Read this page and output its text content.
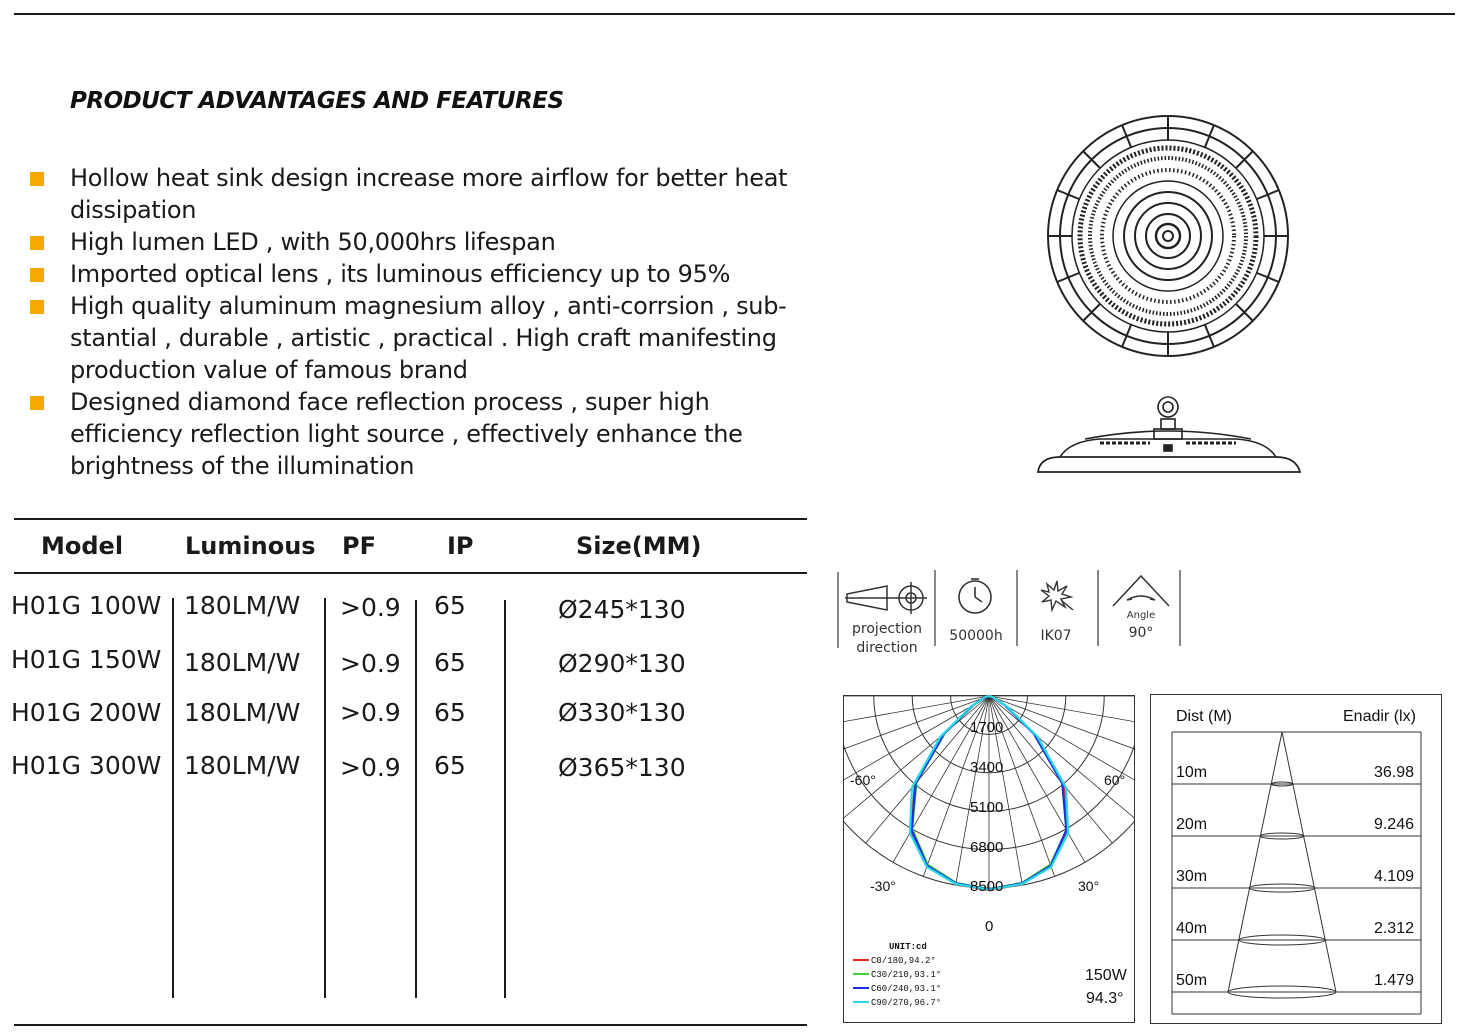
PRODUCT ADVANTAGES AND FEATURES
Hollow heat sink design increase more airflow for better heat
dissipation
High lumen LED , with 50,000hrs lifespan
Imported optical lens , its luminous efficiency up to 95%
High quality aluminum magnesium alloy , anti-corrsion , sub-
stantial , durable , artistic , practical . High craft manifesting
production value of famous brand
Designed diamond face reflection process , super high
efficiency reflection light source , effectively enhance the
brightness of the illumination
Model	Luminous PF	IP	Size(MM)
H01G 100W 180LM/W >0.9 65	Ø245*130
H01G 150W 180LM/W >0.9 65	Ø290*130
H01G 200W 180LM/W >0.9 65	Ø330*130
H01G 300W 180LM/W >0.9 65	Ø365*130
projection
direction
50000h	IK07
Angle
90°
-60°	60°
-30°	30°
0
1700
3400
5100
6800
8500
UNIT:cd
C0/180,94.2°
C30/210,93.1°
C60/240,93.1°
C90/270,96.7°
150W
94.3°
Dist (M)	Enadir (lx)
10m	36.98
20m	9.246
30m	4.109
40m	2.312
50m	1.479
